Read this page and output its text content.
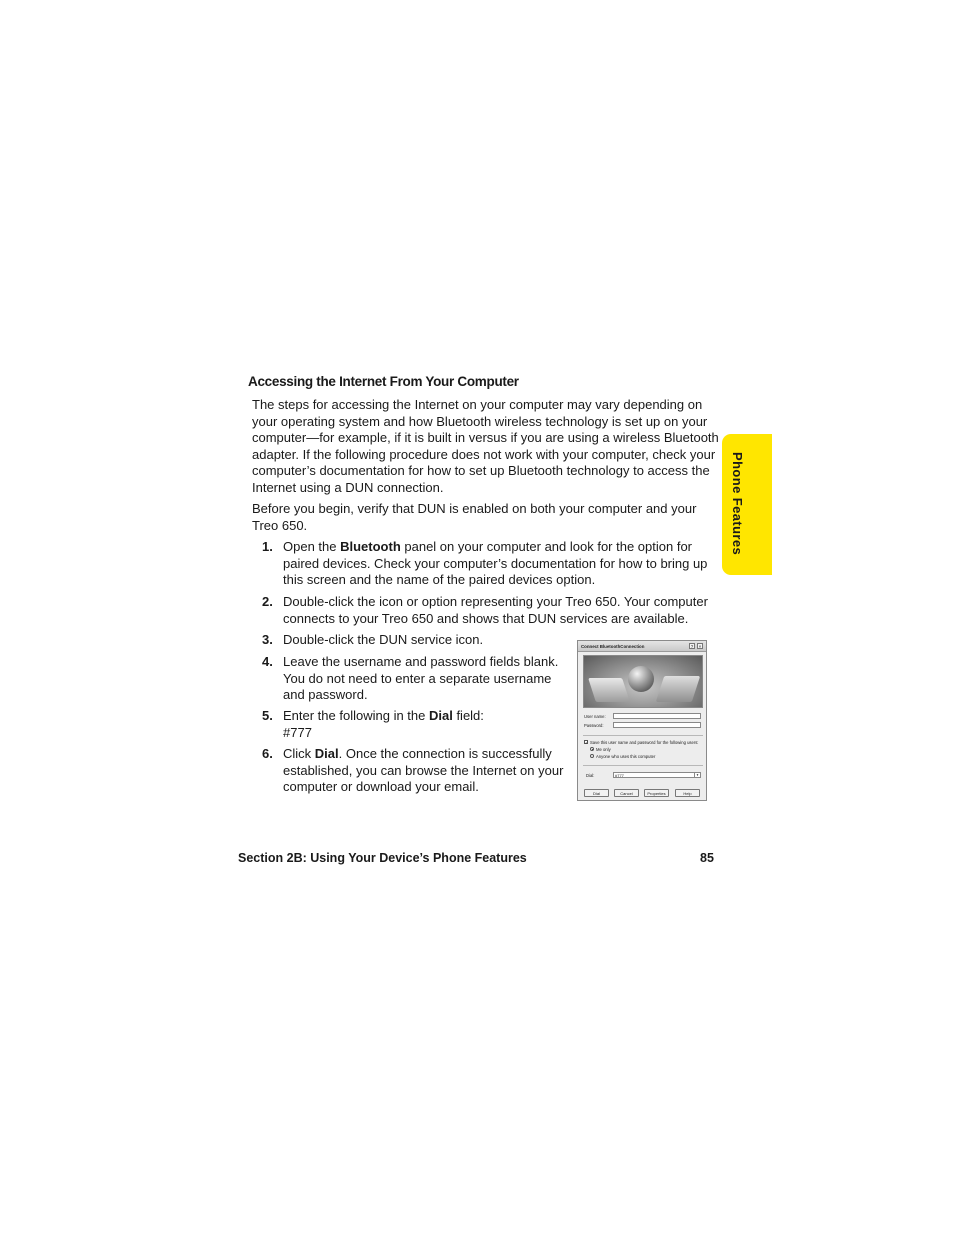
Accessing the Internet From Your Computer

The steps for accessing the Internet on your computer may vary depending on your operating system and how Bluetooth wireless technology is set up on your computer—for example, if it is built in versus if you are using a wireless Bluetooth adapter. If the following procedure does not work with your computer, check your computer’s documentation for how to set up Bluetooth technology to access the Internet using a DUN connection.

Before you begin, verify that DUN is enabled on both your computer and your Treo 650.

1. Open the Bluetooth panel on your computer and look for the option for paired devices. Check your computer’s documentation for how to bring up this screen and the name of the paired devices option.
2. Double-click the icon or option representing your Treo 650. Your computer connects to your Treo 650 and shows that DUN services are available.
3. Double-click the DUN service icon.
4. Leave the username and password fields blank. You do not need to enter a separate username and password.
5. Enter the following in the Dial field:
#777
6. Click Dial. Once the connection is successfully established, you can browse the Internet on your computer or download your email.
Phone Features
Connect BluetoothConnection	?	×
User name:
Password:
✓ Save this user name and password for the following users:
Me only
Anyone who uses this computer
Dial:	#777	▾
Dial	Cancel	Properties	Help
Section 2B: Using Your Device’s Phone Features	85
